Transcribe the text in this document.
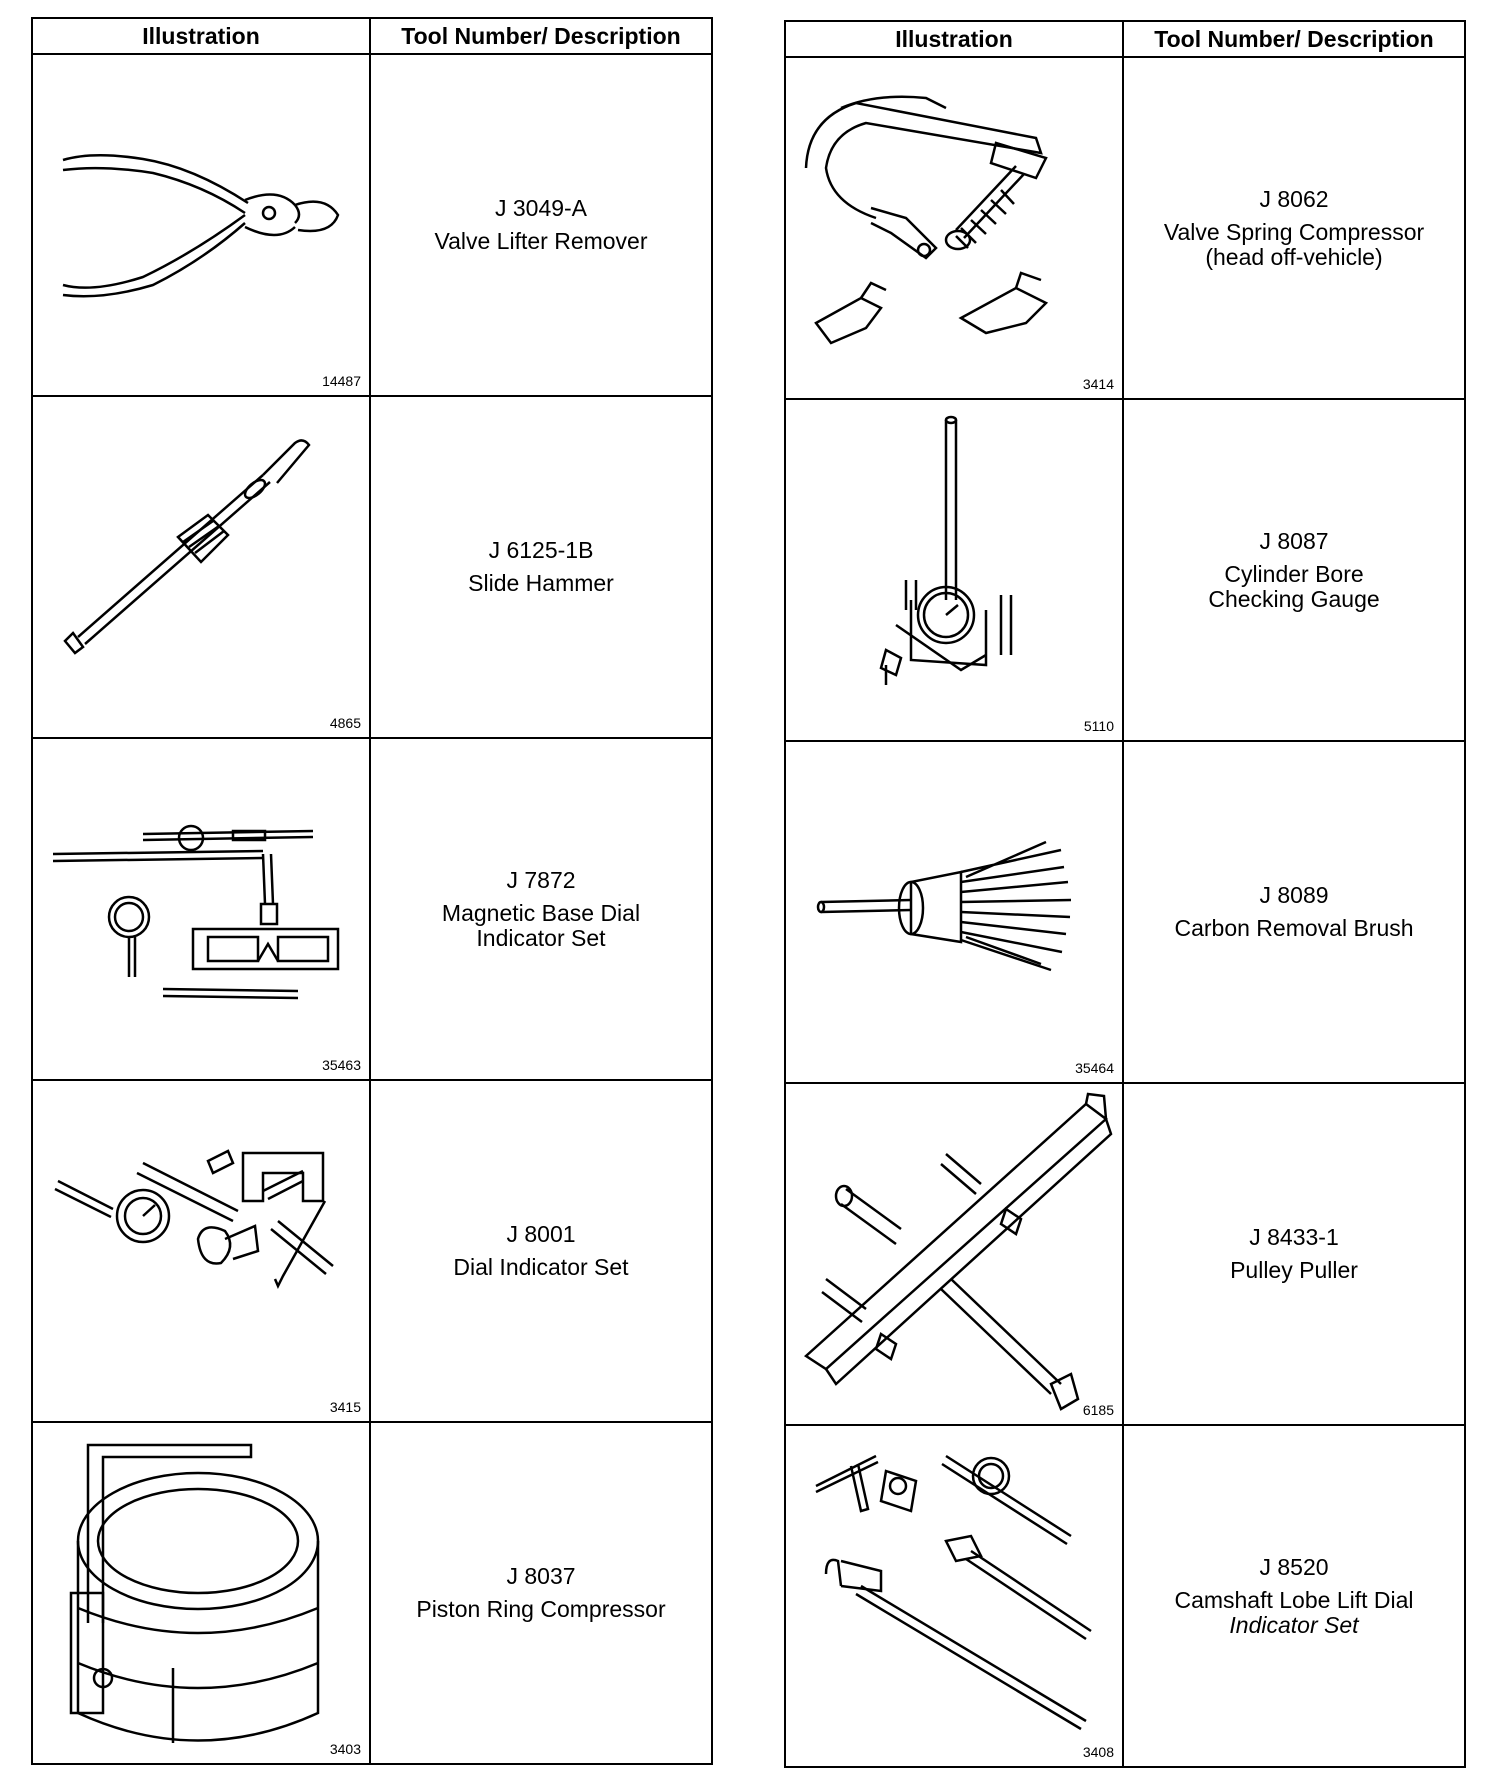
Illustration	Tool Number/ Description

14487	J 3049-A
Valve Lifter Remover

4865	J 6125-1B
Slide Hammer

35463	J 7872
Magnetic Base Dial
Indicator Set

3415	J 8001
Dial Indicator Set

3403	J 8037
Piston Ring Compressor
Illustration	Tool Number/ Description

3414	J 8062
Valve Spring Compressor
(head off-vehicle)

5110	J 8087
Cylinder Bore
Checking Gauge

35464	J 8089
Carbon Removal Brush

6185	J 8433-1
Pulley Puller

3408	J 8520
Camshaft Lobe Lift Dial
Indicator Set
